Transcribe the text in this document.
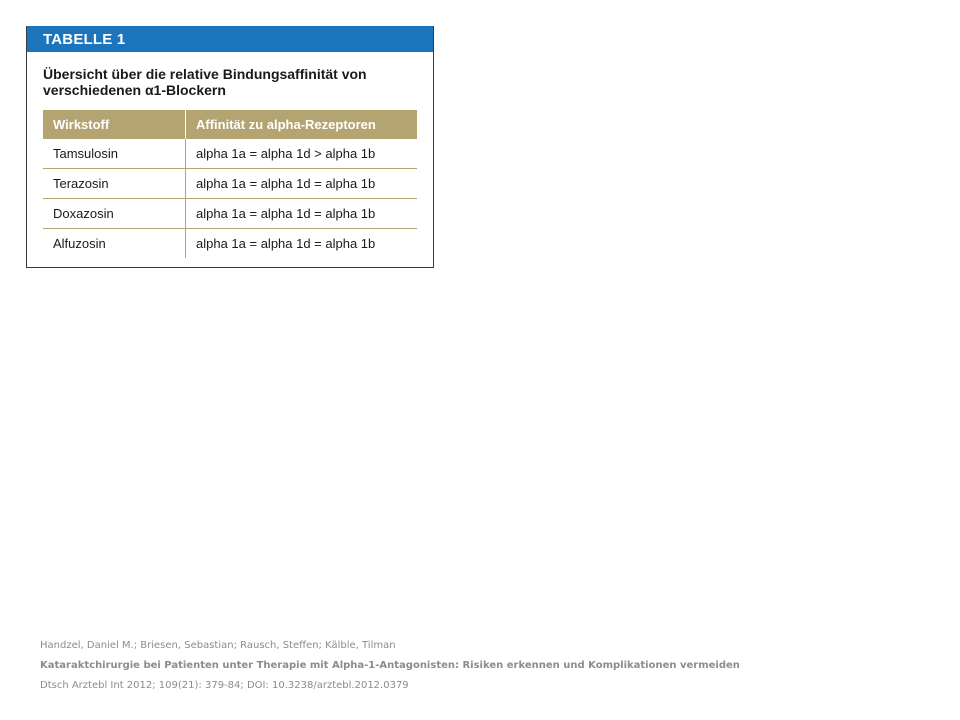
TABELLE 1
Übersicht über die relative Bindungsaffinität von verschiedenen α1-Blockern
Wirkstoff	Affinität zu alpha-Rezeptoren
Tamsulosin	alpha 1a = alpha 1d > alpha 1b
Terazosin	alpha 1a = alpha 1d = alpha 1b
Doxazosin	alpha 1a = alpha 1d = alpha 1b
Alfuzosin	alpha 1a = alpha 1d = alpha 1b
Handzel, Daniel M.; Briesen, Sebastian; Rausch, Steffen; Kälble, Tilman
Kataraktchirurgie bei Patienten unter Therapie mit Alpha-1-Antagonisten: Risiken erkennen und Komplikationen vermeiden
Dtsch Arztebl Int 2012; 109(21): 379-84; DOI: 10.3238/arztebl.2012.0379
